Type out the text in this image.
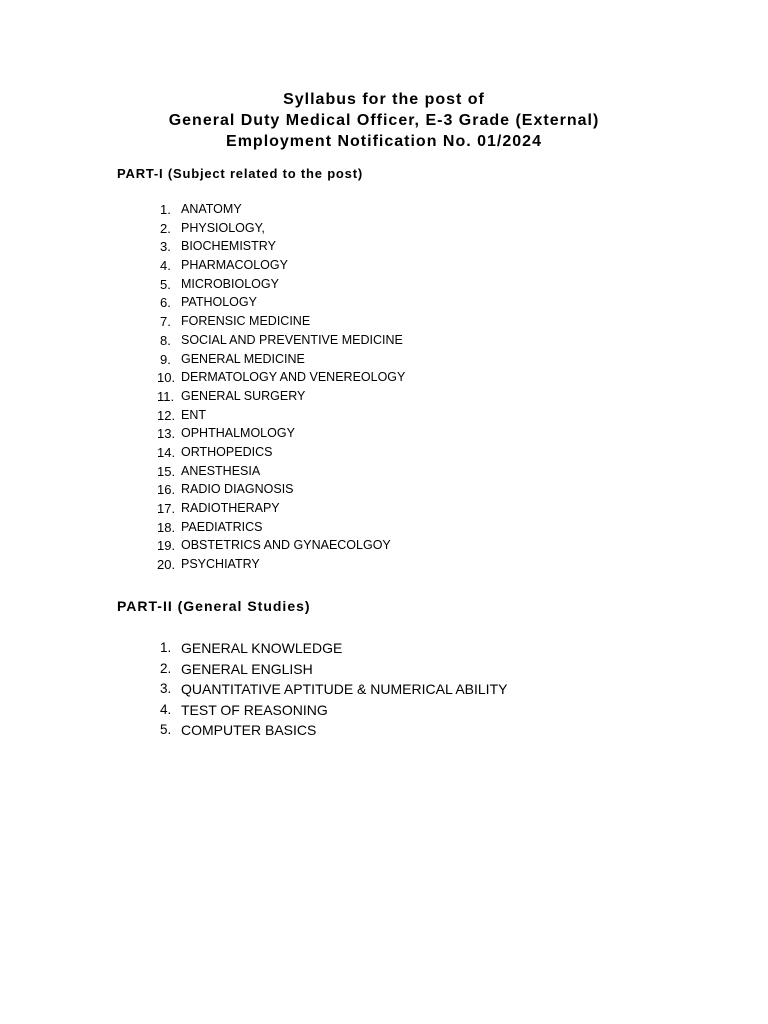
Syllabus for the post of
General Duty Medical Officer, E-3 Grade (External)
Employment Notification No. 01/2024
PART-I (Subject related to the post)
1. ANATOMY
2. PHYSIOLOGY,
3. BIOCHEMISTRY
4. PHARMACOLOGY
5. MICROBIOLOGY
6. PATHOLOGY
7. FORENSIC MEDICINE
8. SOCIAL AND PREVENTIVE MEDICINE
9. GENERAL MEDICINE
10. DERMATOLOGY AND VENEREOLOGY
11. GENERAL SURGERY
12. ENT
13. OPHTHALMOLOGY
14. ORTHOPEDICS
15. ANESTHESIA
16. RADIO DIAGNOSIS
17. RADIOTHERAPY
18. PAEDIATRICS
19. OBSTETRICS AND GYNAECOLGOY
20. PSYCHIATRY
PART-II (General Studies)
1. GENERAL KNOWLEDGE
2. GENERAL ENGLISH
3. QUANTITATIVE APTITUDE & NUMERICAL ABILITY
4. TEST OF REASONING
5. COMPUTER BASICS
